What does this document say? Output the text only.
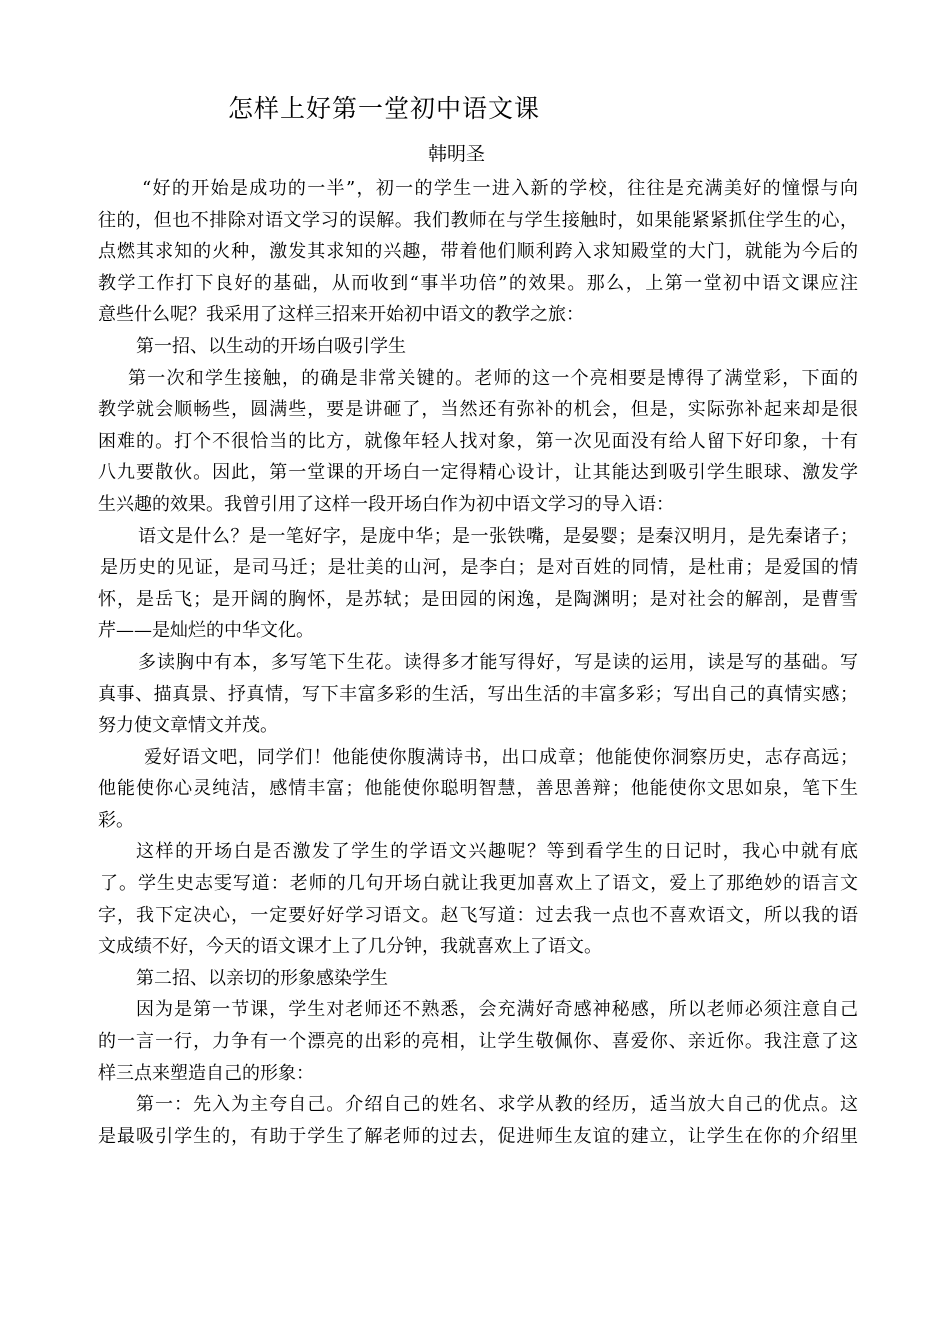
怎样上好第一堂初中语文课
韩明圣
“好的开始是成功的一半”，初一的学生一进入新的学校，往往是充满美好的憧憬与向
往的，但也不排除对语文学习的误解。我们教师在与学生接触时，如果能紧紧抓住学生的心，
点燃其求知的火种，激发其求知的兴趣，带着他们顺利跨入求知殿堂的大门，就能为今后的
教学工作打下良好的基础，从而收到“事半功倍”的效果。那么，上第一堂初中语文课应注
意些什么呢？我采用了这样三招来开始初中语文的教学之旅：
第一招、以生动的开场白吸引学生
第一次和学生接触，的确是非常关键的。老师的这一个亮相要是博得了满堂彩，下面的
教学就会顺畅些，圆满些，要是讲砸了，当然还有弥补的机会，但是，实际弥补起来却是很
困难的。打个不很恰当的比方，就像年轻人找对象，第一次见面没有给人留下好印象，十有
八九要散伙。因此，第一堂课的开场白一定得精心设计，让其能达到吸引学生眼球、激发学
生兴趣的效果。我曾引用了这样一段开场白作为初中语文学习的导入语：
语文是什么？是一笔好字，是庞中华；是一张铁嘴，是晏婴；是秦汉明月，是先秦诸子；
是历史的见证，是司马迁；是壮美的山河，是李白；是对百姓的同情，是杜甫；是爱国的情
怀，是岳飞；是开阔的胸怀，是苏轼；是田园的闲逸，是陶渊明；是对社会的解剖，是曹雪
芹——是灿烂的中华文化。
多读胸中有本，多写笔下生花。读得多才能写得好，写是读的运用，读是写的基础。写
真事、描真景、抒真情，写下丰富多彩的生活，写出生活的丰富多彩；写出自己的真情实感；
努力使文章情文并茂。
爱好语文吧，同学们！他能使你腹满诗书，出口成章；他能使你洞察历史，志存高远；
他能使你心灵纯洁，感情丰富；他能使你聪明智慧，善思善辩；他能使你文思如泉，笔下生
彩。
这样的开场白是否激发了学生的学语文兴趣呢？等到看学生的日记时，我心中就有底
了。学生史志雯写道：老师的几句开场白就让我更加喜欢上了语文，爱上了那绝妙的语言文
字，我下定决心，一定要好好学习语文。赵飞写道：过去我一点也不喜欢语文，所以我的语
文成绩不好，今天的语文课才上了几分钟，我就喜欢上了语文。
第二招、以亲切的形象感染学生
因为是第一节课，学生对老师还不熟悉，会充满好奇感神秘感，所以老师必须注意自己
的一言一行，力争有一个漂亮的出彩的亮相，让学生敬佩你、喜爱你、亲近你。我注意了这
样三点来塑造自己的形象：
第一：先入为主夸自己。介绍自己的姓名、求学从教的经历，适当放大自己的优点。这
是最吸引学生的，有助于学生了解老师的过去，促进师生友谊的建立，让学生在你的介绍里
